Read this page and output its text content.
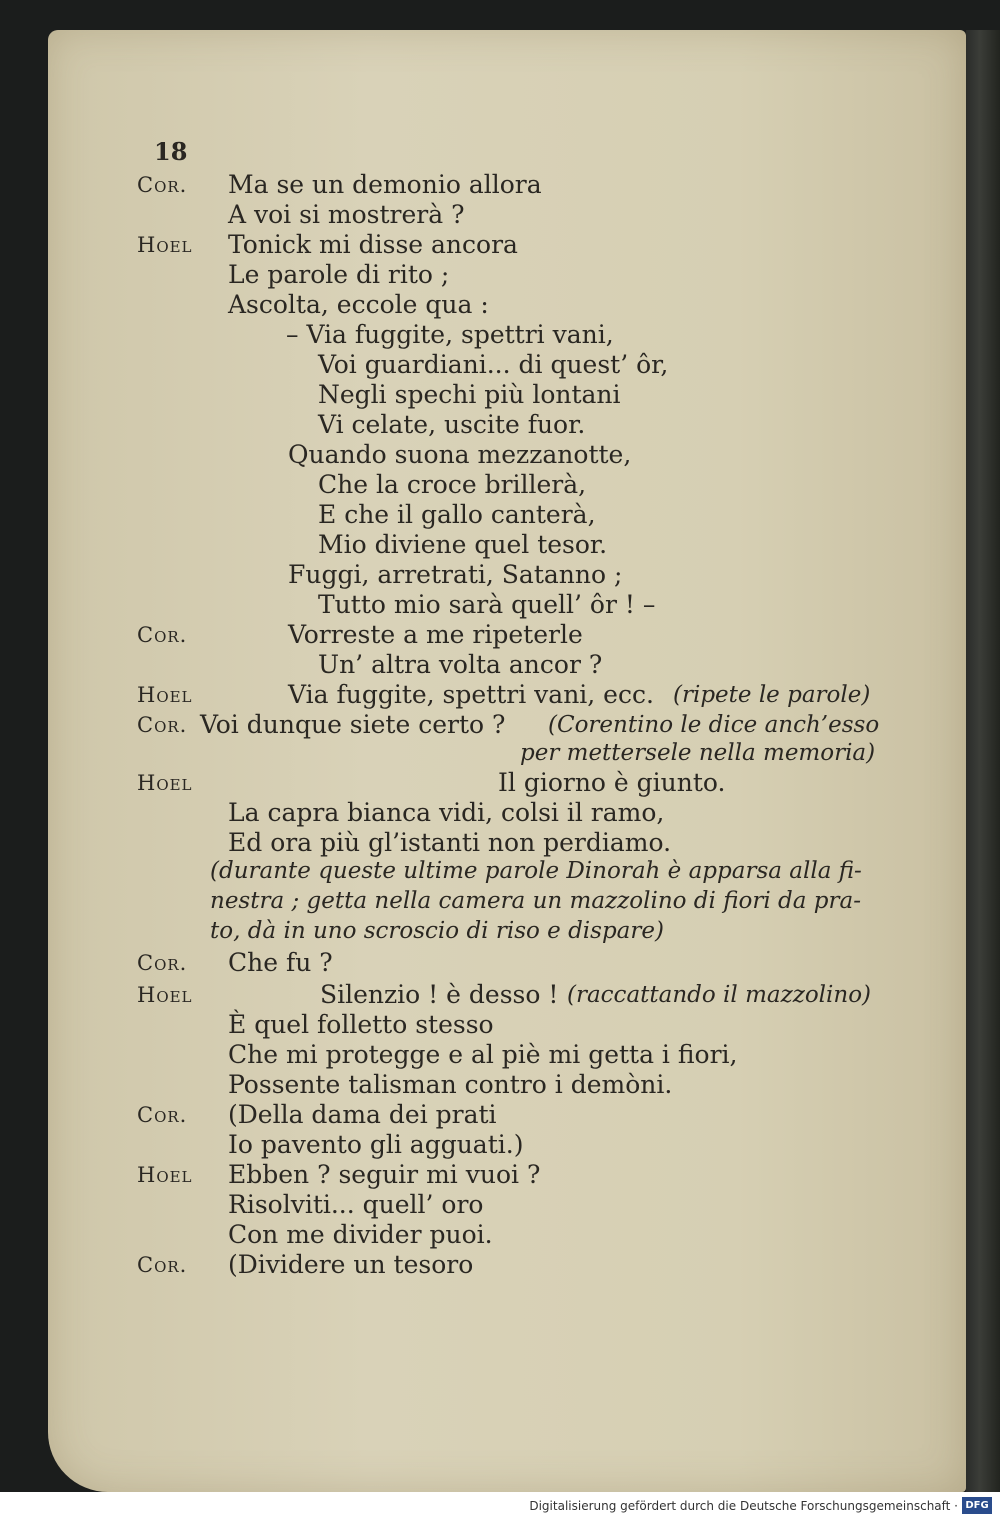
18
Cor. Ma se un demonio allora
A voi si mostrerà ?
Hoel Tonick mi disse ancora
Le parole di rito ;
Ascolta, eccole qua :
– Via fuggite, spettri vani,
Voi guardiani... di quest’ ôr,
Negli spechi più lontani
Vi celate, uscite fuor.
Quando suona mezzanotte,
Che la croce brillerà,
E che il gallo canterà,
Mio diviene quel tesor.
Fuggi, arretrati, Satanno ;
Tutto mio sarà quell’ ôr ! –
Cor.	Vorreste a me ripeterle
Un’ altra volta ancor ?
Hoel	Via fuggite, spettri vani, ecc. (ripete le parole)
Cor. Voi dunque siete certo ? (Corentino le dice anch’esso
per mettersele nella memoria)
Hoel	Il giorno è giunto.
La capra bianca vidi, colsi il ramo,
Ed ora più gl’istanti non perdiamo.
(durante queste ultime parole Dinorah è apparsa alla fi-
nestra ; getta nella camera un mazzolino di fiori da pra-
to, dà in uno scroscio di riso e dispare)
Cor. Che fu ?
Hoel	Silenzio ! è desso ! (raccattando il mazzolino)
È quel folletto stesso
Che mi protegge e al piè mi getta i fiori,
Possente talisman contro i demòni.
Cor. (Della dama dei prati
Io pavento gli agguati.)
Hoel Ebben ? seguir mi vuoi ?
Risolviti... quell’ oro
Con me divider puoi.
Cor. (Dividere un tesoro
Digitalisierung gefördert durch die Deutsche Forschungsgemeinschaft · DFG
